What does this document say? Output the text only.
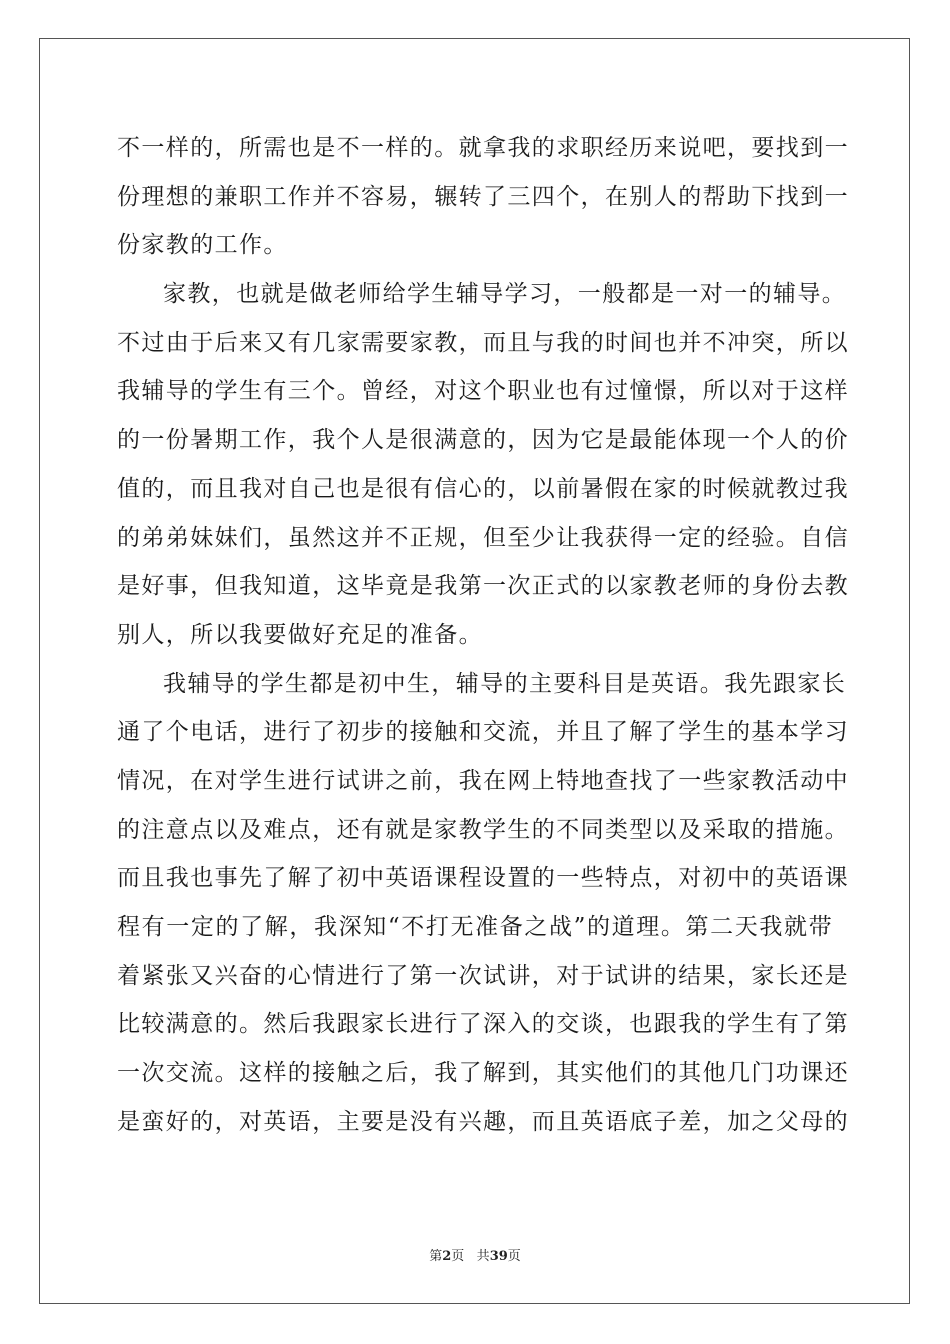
不一样的，所需也是不一样的。就拿我的求职经历来说吧，要找到一
份理想的兼职工作并不容易，辗转了三四个，在别人的帮助下找到一
份家教的工作。
家教，也就是做老师给学生辅导学习，一般都是一对一的辅导。
不过由于后来又有几家需要家教，而且与我的时间也并不冲突，所以
我辅导的学生有三个。曾经，对这个职业也有过憧憬，所以对于这样
的一份暑期工作，我个人是很满意的，因为它是最能体现一个人的价
值的，而且我对自己也是很有信心的，以前暑假在家的时候就教过我
的弟弟妹妹们，虽然这并不正规，但至少让我获得一定的经验。自信
是好事，但我知道，这毕竟是我第一次正式的以家教老师的身份去教
别人，所以我要做好充足的准备。
我辅导的学生都是初中生，辅导的主要科目是英语。我先跟家长
通了个电话，进行了初步的接触和交流，并且了解了学生的基本学习
情况，在对学生进行试讲之前，我在网上特地查找了一些家教活动中
的注意点以及难点，还有就是家教学生的不同类型以及采取的措施。
而且我也事先了解了初中英语课程设置的一些特点，对初中的英语课
程有一定的了解，我深知“不打无准备之战”的道理。第二天我就带
着紧张又兴奋的心情进行了第一次试讲，对于试讲的结果，家长还是
比较满意的。然后我跟家长进行了深入的交谈，也跟我的学生有了第
一次交流。这样的接触之后，我了解到，其实他们的其他几门功课还
是蛮好的，对英语，主要是没有兴趣，而且英语底子差，加之父母的
第2页 共39页
